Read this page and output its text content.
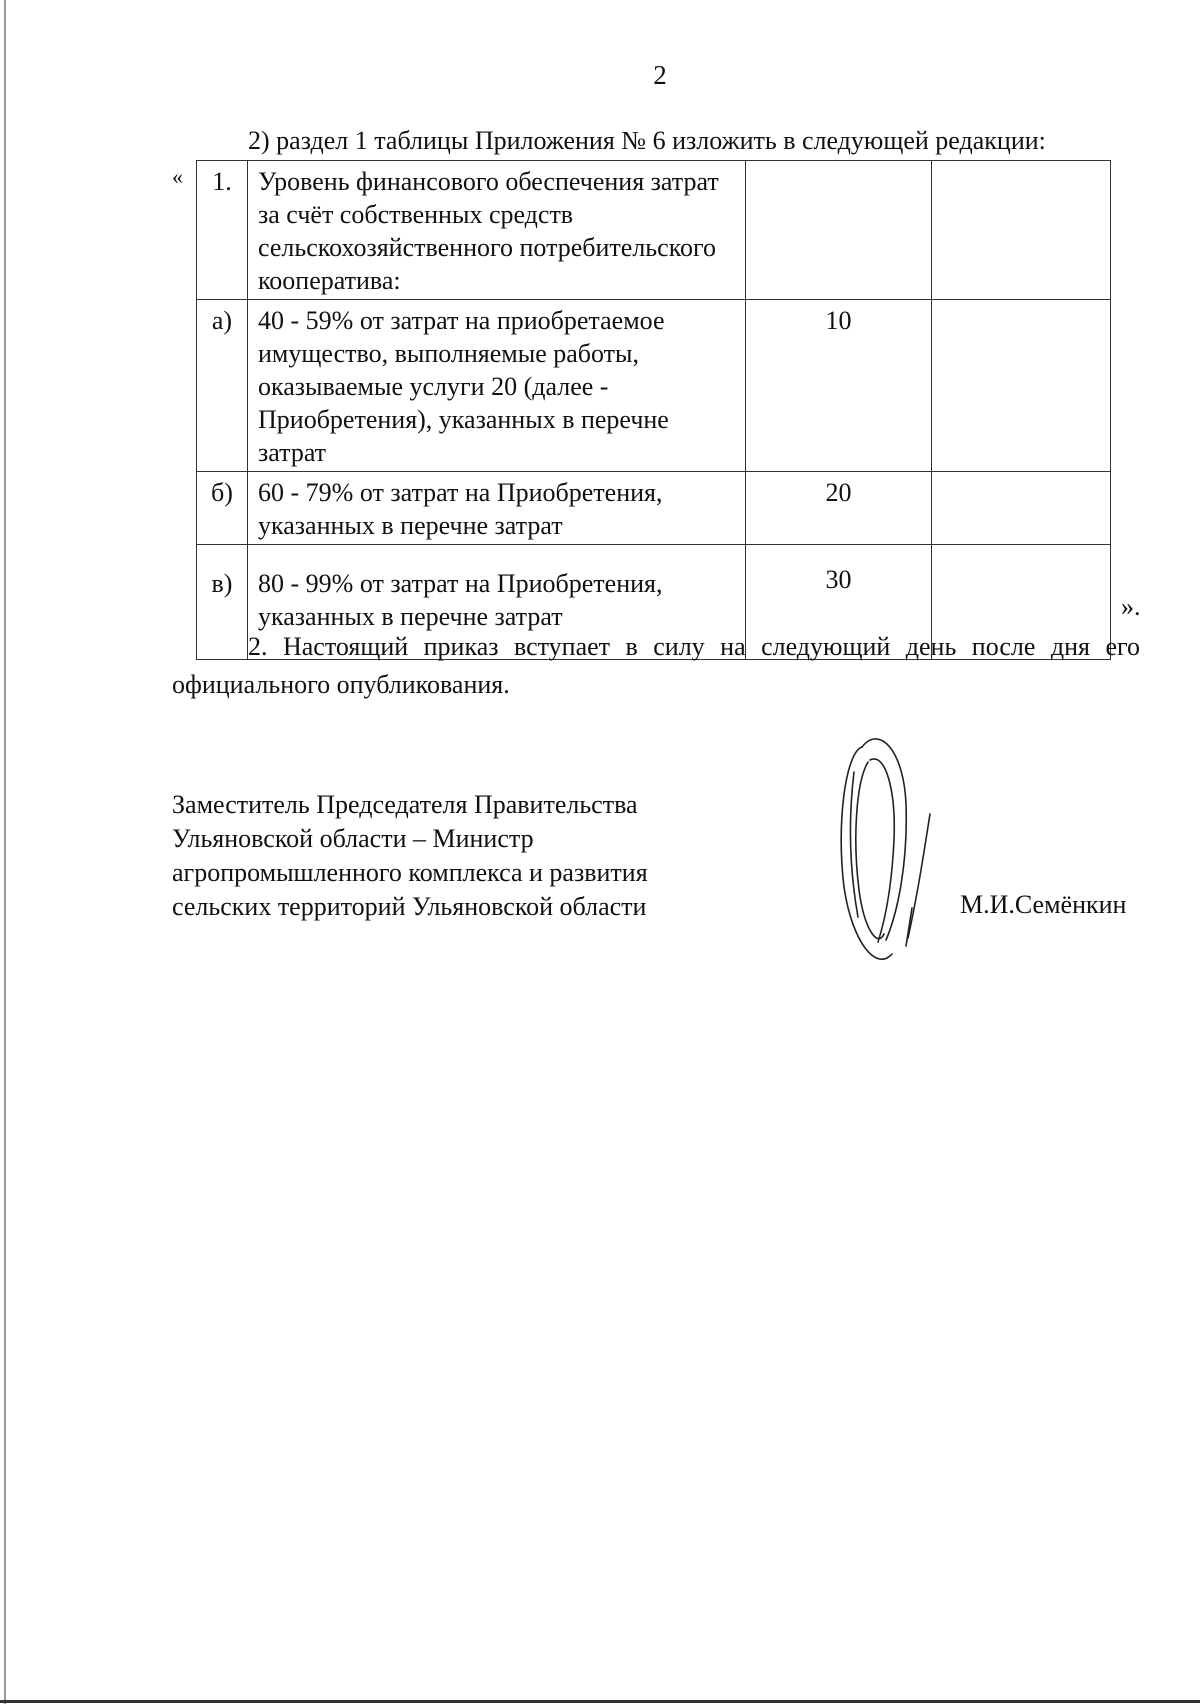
2
2) раздел 1 таблицы Приложения № 6 изложить в следующей редакции:
« 1.	Уровень финансового обеспечения затрат за счёт собственных средств сельскохозяйственного потребительского кооператива:		
а)	40 - 59% от затрат на приобретаемое имущество, выполняемые работы, оказываемые услуги 20 (далее - Приобретения), указанных в перечне затрат	10	
б)	60 - 79% от затрат на Приобретения, указанных в перечне затрат	20	
в)	80 - 99% от затрат на Приобретения, указанных в перечне затрат	30	
».
2. Настоящий приказ вступает в силу на следующий день после дня его официального опубликования.
Заместитель Председателя Правительства
Ульяновской области – Министр
агропромышленного комплекса и развития
сельских территорий Ульяновской области	М.И.Семёнкин
